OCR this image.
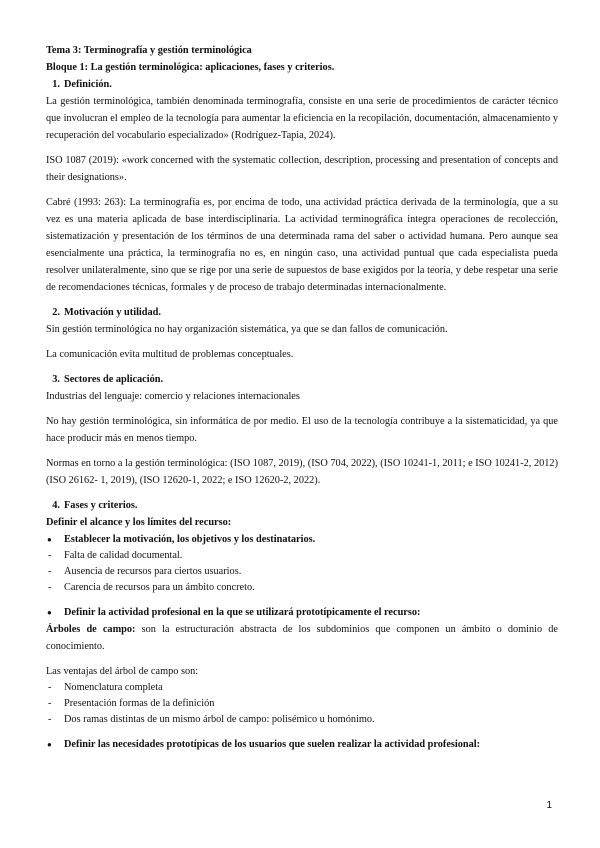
Tema 3: Terminografía y gestión terminológica

Bloque 1: La gestión terminológica: aplicaciones, fases y criterios.

1. Definición.

La gestión terminológica, también denominada terminografía, consiste en una serie de procedimientos de carácter técnico que involucran el empleo de la tecnología para aumentar la eficiencia en la recopilación, documentación, almacenamiento y recuperación del vocabulario especializado» (Rodríguez-Tapia, 2024).

ISO 1087 (2019): «work concerned with the systematic collection, description, processing and presentation of concepts and their designations».

Cabré (1993: 263): La terminografía es, por encima de todo, una actividad práctica derivada de la terminología, que a su vez es una materia aplicada de base interdisciplinaria. La actividad terminográfica integra operaciones de recolección, sistematización y presentación de los términos de una determinada rama del saber o actividad humana. Pero aunque sea esencialmente una práctica, la terminografía no es, en ningún caso, una actividad puntual que cada especialista pueda resolver unilateralmente, sino que se rige por una serie de supuestos de base exigidos por la teoría, y debe respetar una serie de recomendaciones técnicas, formales y de proceso de trabajo determinadas internacionalmente.

2. Motivación y utilidad.

Sin gestión terminológica no hay organización sistemática, ya que se dan fallos de comunicación.

La comunicación evita multitud de problemas conceptuales.

3. Sectores de aplicación.

Industrias del lenguaje: comercio y relaciones internacionales

No hay gestión terminológica, sin informática de por medio. El uso de la tecnología contribuye a la sistematicidad, ya que hace producir más en menos tiempo.

Normas en torno a la gestión terminológica: (ISO 1087, 2019), (ISO 704, 2022), (ISO 10241-1, 2011; e ISO 10241-2, 2012) (ISO 26162- 1, 2019), (ISO 12620-1, 2022; e ISO 12620-2, 2022).

4. Fases y criterios.

Definir el alcance y los límites del recurso:

● Establecer la motivación, los objetivos y los destinatarios.
- Falta de calidad documental.
- Ausencia de recursos para ciertos usuarios.
- Carencia de recursos para un ámbito concreto.
● Definir la actividad profesional en la que se utilizará prototípicamente el recurso:

Árboles de campo: son la estructuración abstracta de los subdominios que componen un ámbito o dominio de conocimiento.

Las ventajas del árbol de campo son:

- Nomenclatura completa
- Presentación formas de la definición
- Dos ramas distintas de un mismo árbol de campo: polisémico u homónimo.
● Definir las necesidades prototípicas de los usuarios que suelen realizar la actividad profesional:
1
